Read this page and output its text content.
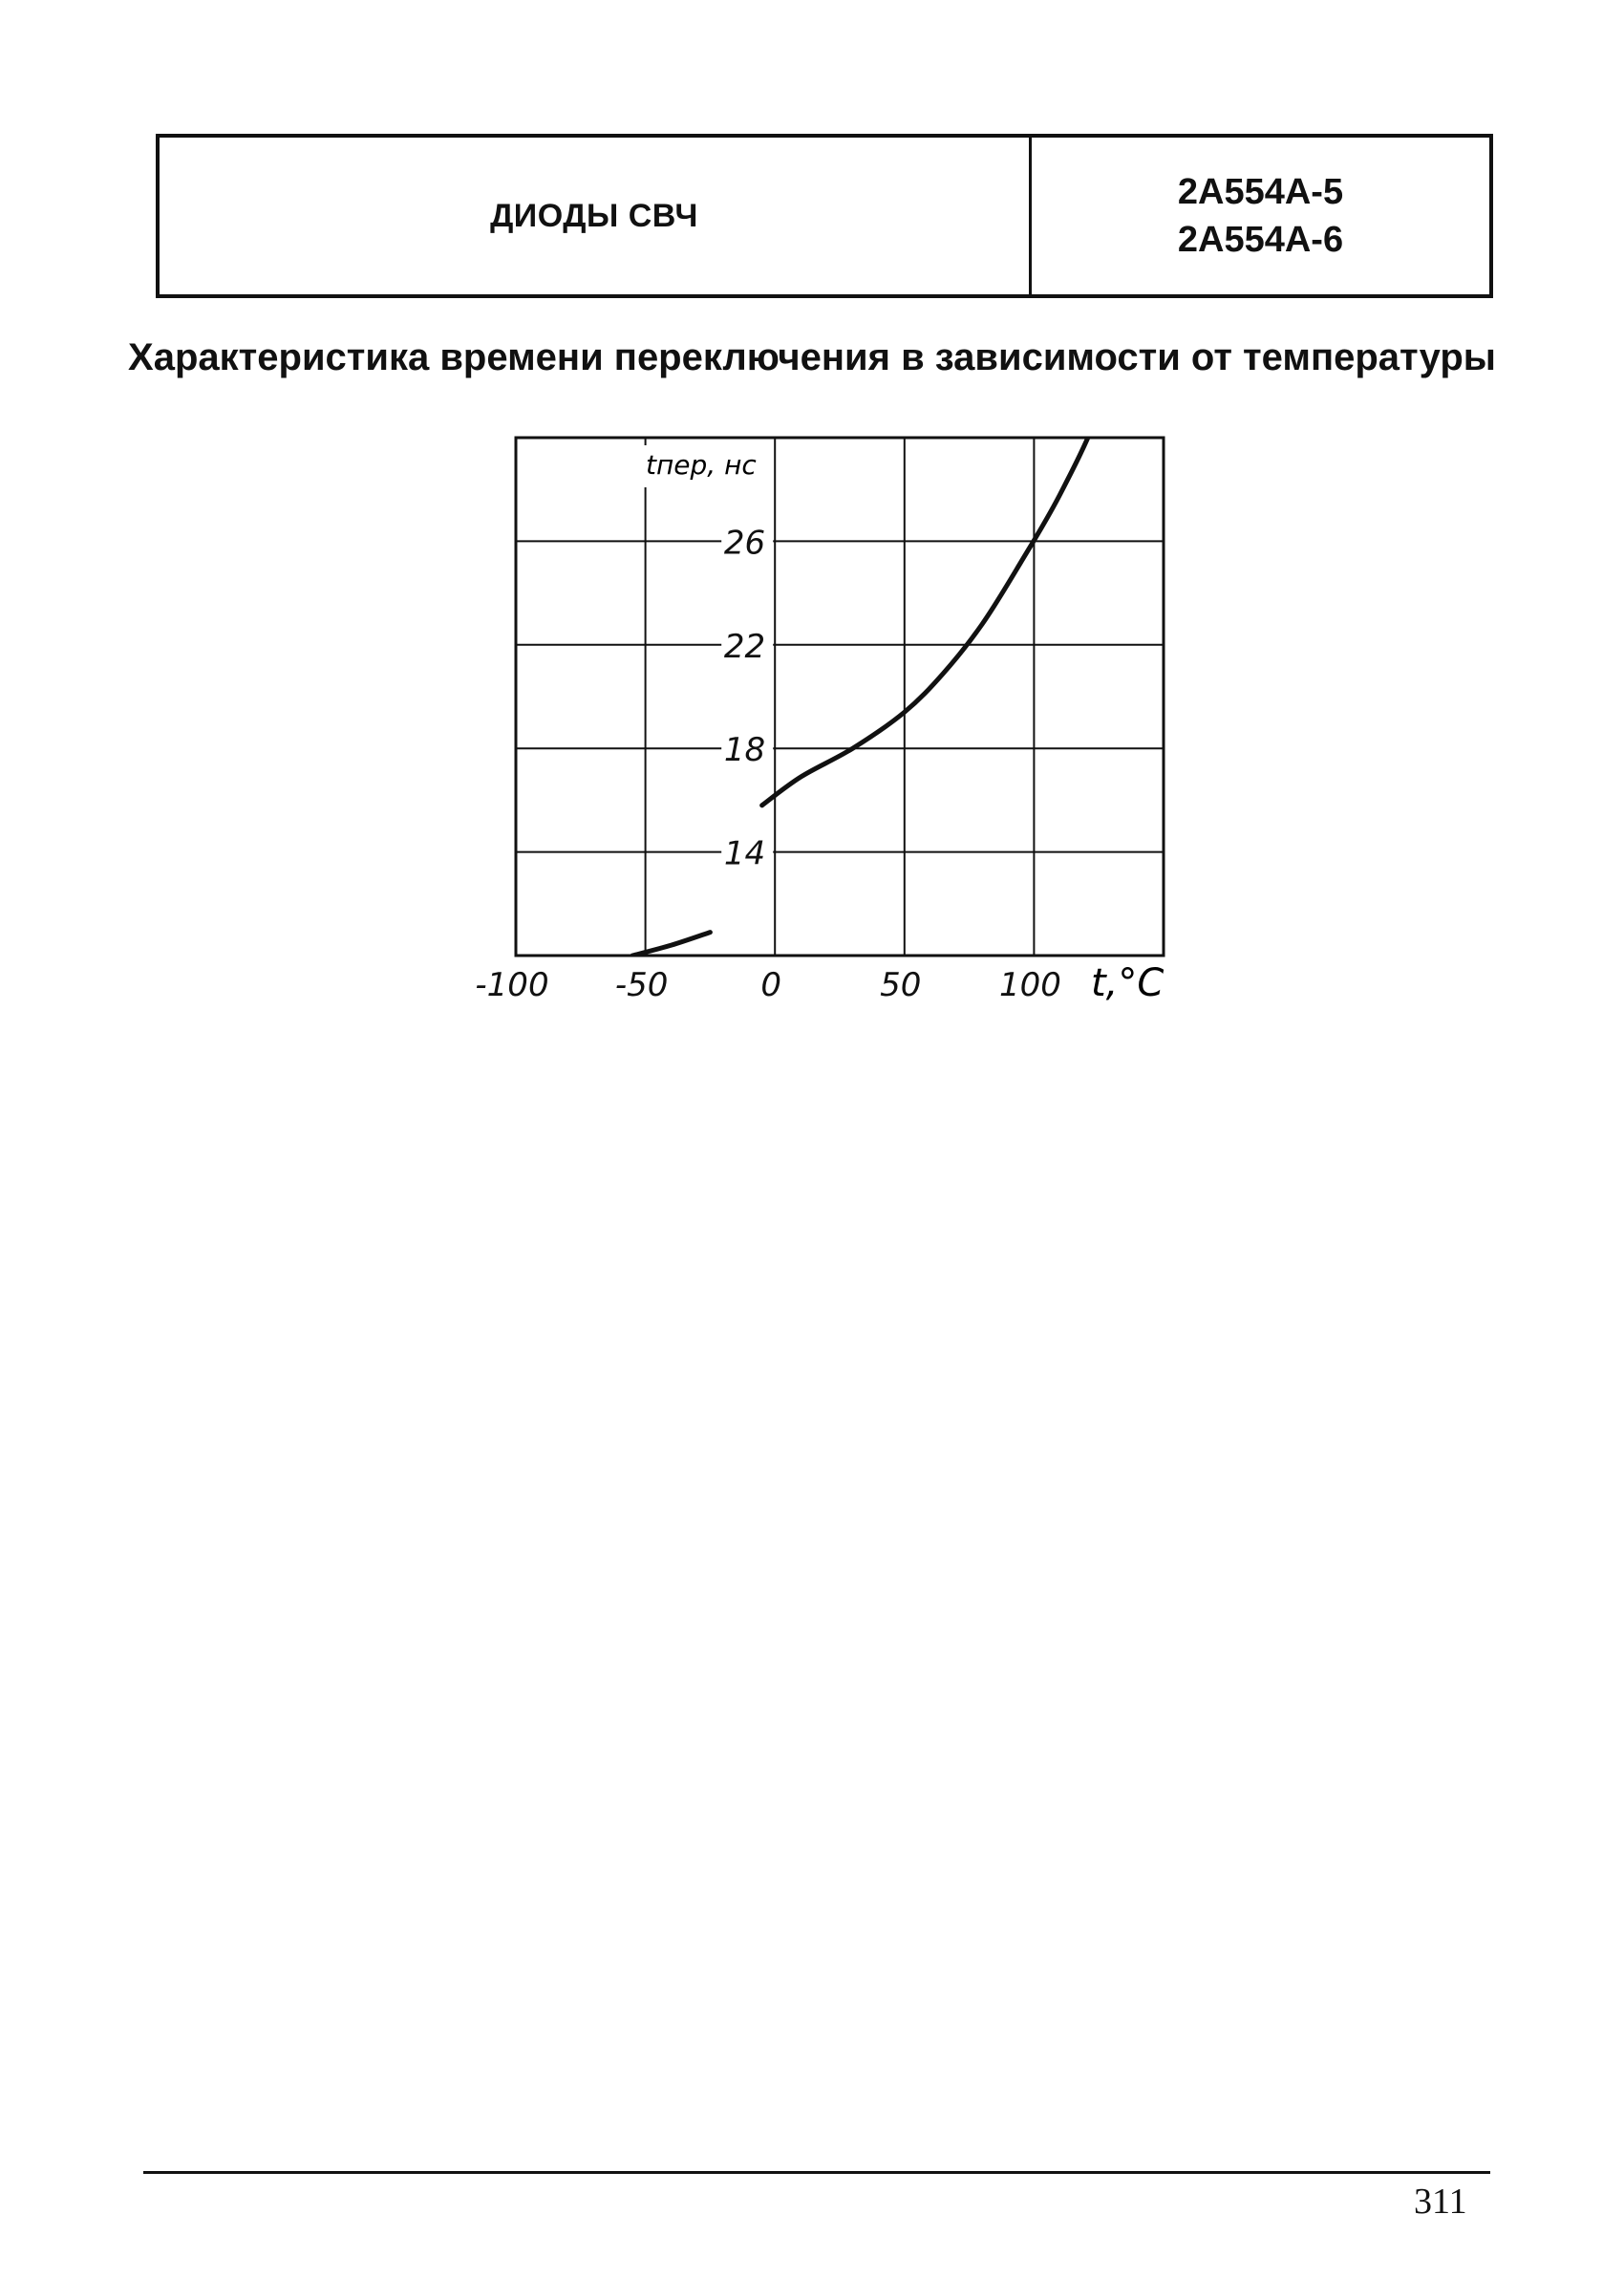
ДИОДЫ СВЧ
2А554А-5
2А554А-6
Характеристика времени переключения в зависимости от температуры
14
18
22
26
-100 -50	0	50 100 t,°C
tпер, нс
311
